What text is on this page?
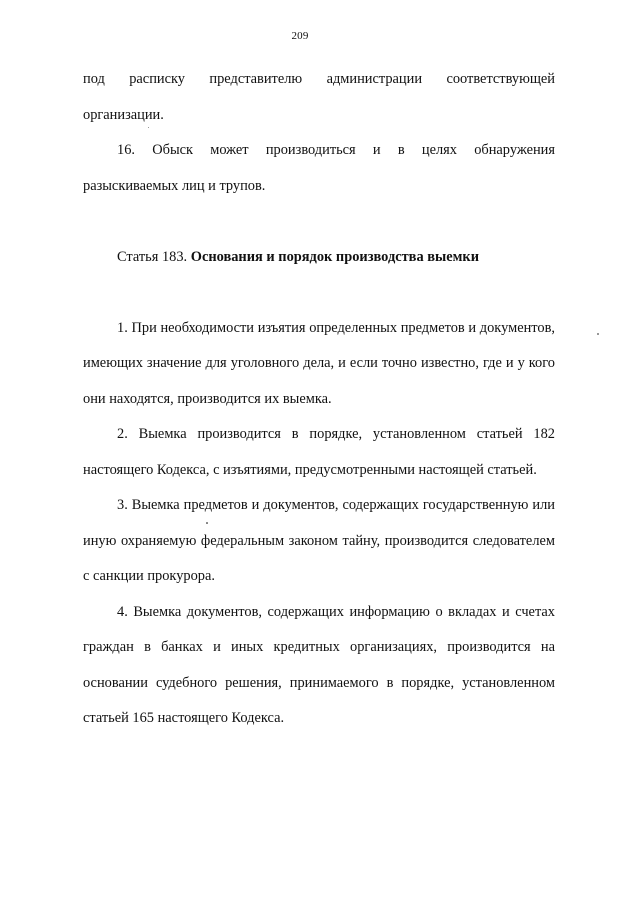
209

под расписку представителю администрации соответствующей организации.

16. Обыск может производиться и в целях обнаружения разыскиваемых лиц и трупов.

Статья 183. Основания и порядок производства выемки

1. При необходимости изъятия определенных предметов и документов, имеющих значение для уголовного дела, и если точно известно, где и у кого они находятся, производится их выемка.

2. Выемка производится в порядке, установленном статьей 182 настоящего Кодекса, с изъятиями, предусмотренными настоящей статьей.

3. Выемка предметов и документов, содержащих государственную или иную охраняемую федеральным законом тайну, производится следователем с санкции прокурора.

4. Выемка документов, содержащих информацию о вкладах и счетах граждан в банках и иных кредитных организациях, производится на основании судебного решения, принимаемого в порядке, установленном статьей 165 настоящего Кодекса.
